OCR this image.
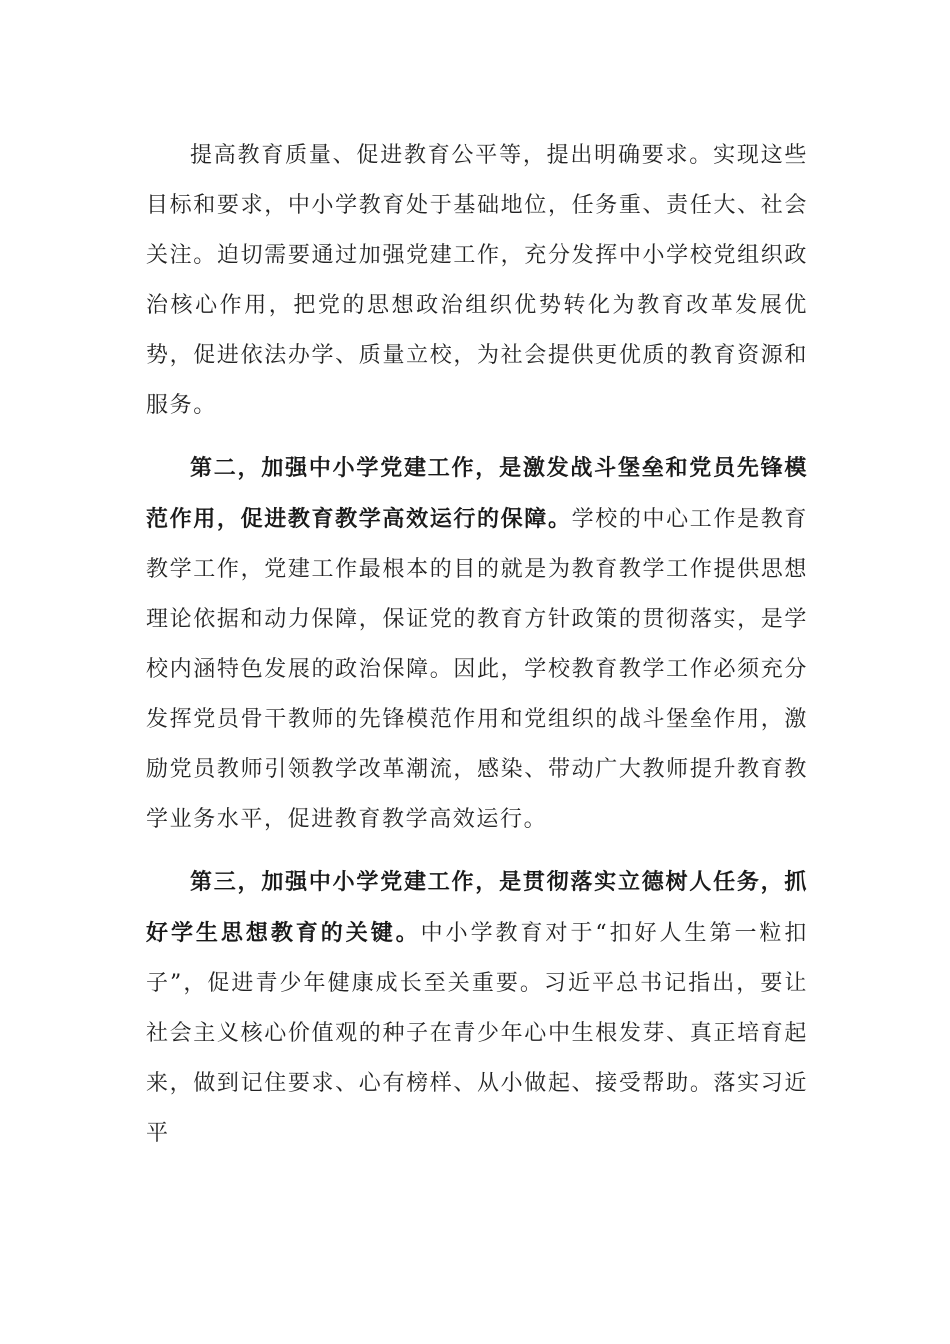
提高教育质量、促进教育公平等，提出明确要求。实现这些目标和要求，中小学教育处于基础地位，任务重、责任大、社会关注。迫切需要通过加强党建工作，充分发挥中小学校党组织政治核心作用，把党的思想政治组织优势转化为教育改革发展优势，促进依法办学、质量立校，为社会提供更优质的教育资源和服务。

第二，加强中小学党建工作，是激发战斗堡垒和党员先锋模范作用，促进教育教学高效运行的保障。学校的中心工作是教育教学工作，党建工作最根本的目的就是为教育教学工作提供思想理论依据和动力保障，保证党的教育方针政策的贯彻落实，是学校内涵特色发展的政治保障。因此，学校教育教学工作必须充分发挥党员骨干教师的先锋模范作用和党组织的战斗堡垒作用，激励党员教师引领教学改革潮流，感染、带动广大教师提升教育教学业务水平，促进教育教学高效运行。

第三，加强中小学党建工作，是贯彻落实立德树人任务，抓好学生思想教育的关键。中小学教育对于“扣好人生第一粒扣子”，促进青少年健康成长至关重要。习近平总书记指出，要让社会主义核心价值观的种子在青少年心中生根发芽、真正培育起来，做到记住要求、心有榜样、从小做起、接受帮助。落实习近平
